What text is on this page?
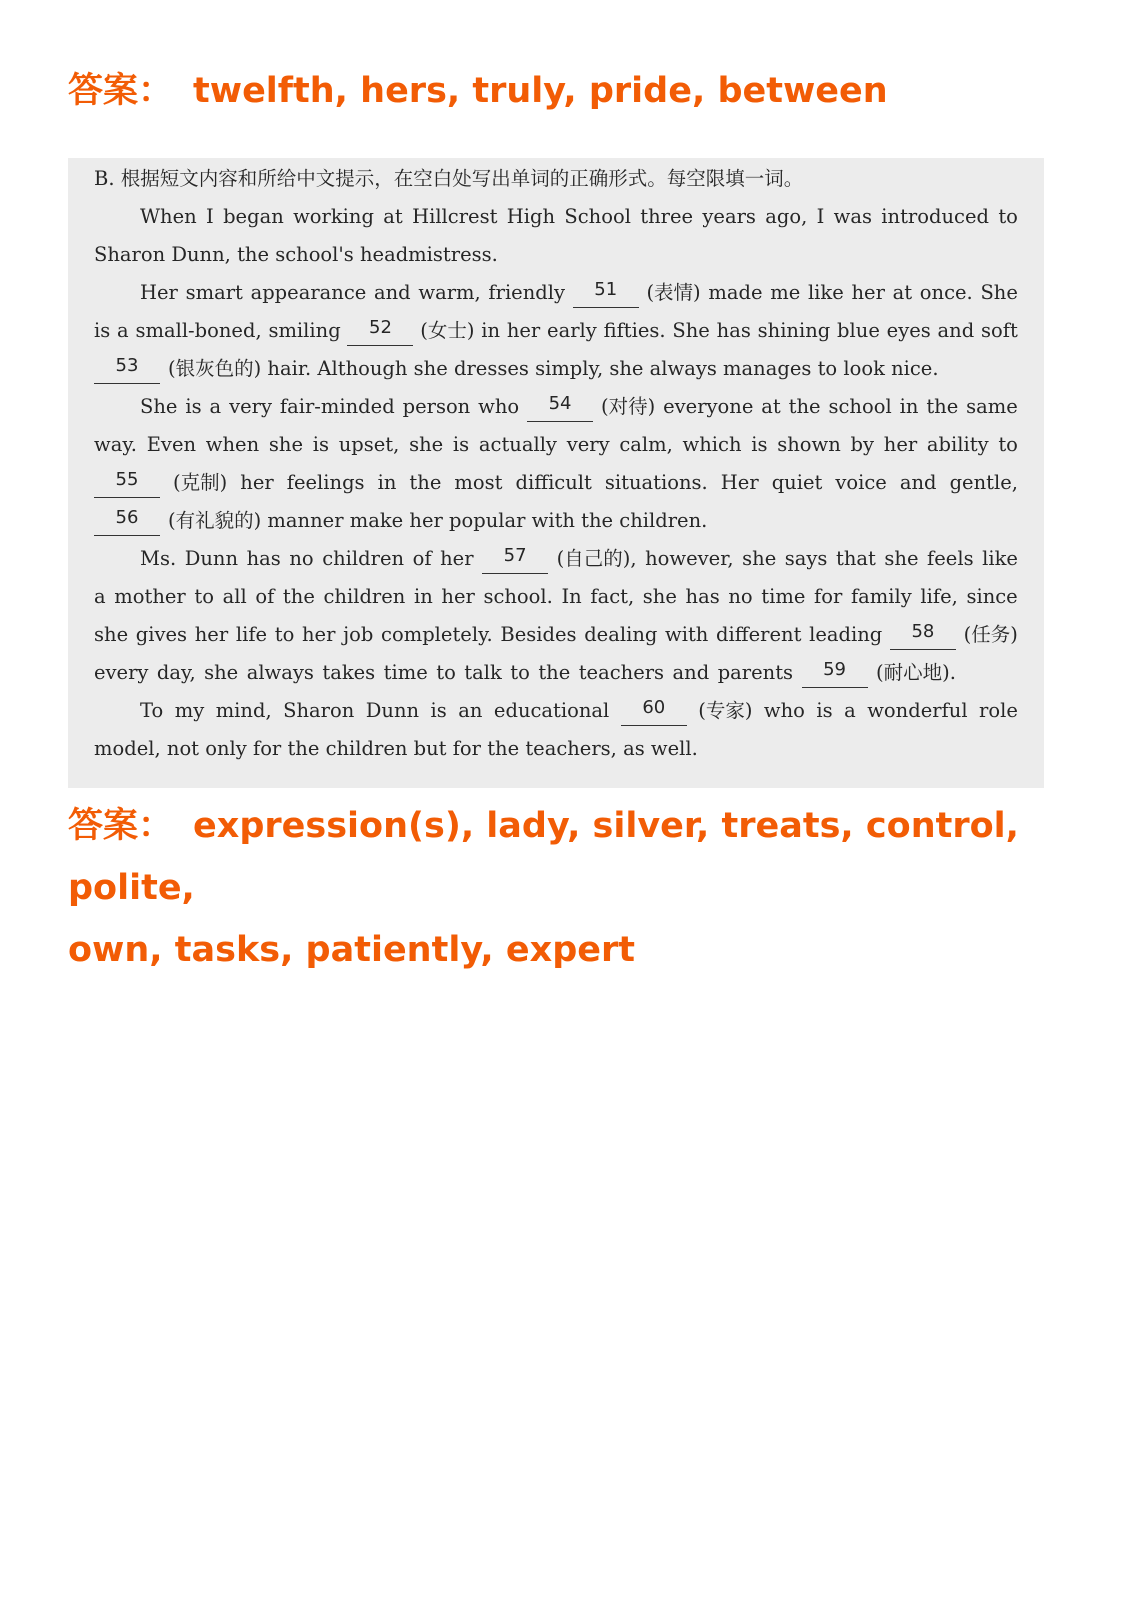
答案： twelfth, hers, truly, pride, between
B. 根据短文内容和所给中文提示，在空白处写出单词的正确形式。每空限填一词。
When I began working at Hillcrest High School three years ago, I was introduced to
Sharon Dunn, the school's headmistress.
Her smart appearance and warm, friendly	51	(表情) made me like her at once. She
is a small-boned, smiling	52	(女士) in her early fifties. She has shining blue eyes and soft
53	(银灰色的) hair. Although she dresses simply, she always manages to look nice.
She is a very fair-minded person who	54	(对待) everyone at the school in the same
way. Even when she is upset, she is actually very calm, which is shown by her ability to
55	(克制) her feelings in the most difficult situations. Her quiet voice and gentle,
56	(有礼貌的) manner make her popular with the children.
Ms. Dunn has no children of her	57	(自己的), however, she says that she feels like
a mother to all of the children in her school. In fact, she has no time for family life, since
she gives her life to her job completely. Besides dealing with different leading	58	(任务)
every day, she always takes time to talk to the teachers and parents	59	(耐心地).
To my mind, Sharon Dunn is an educational	60	(专家) who is a wonderful role
model, not only for the children but for the teachers, as well.
答案： expression(s), lady, silver, treats, control, polite,
own, tasks, patiently, expert
